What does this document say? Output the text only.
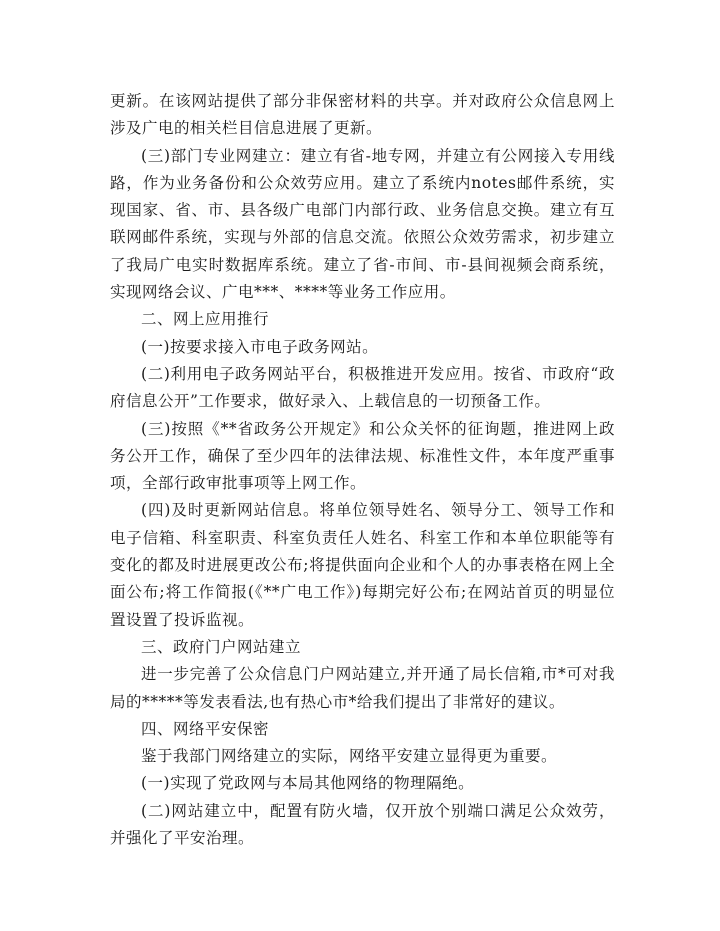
更新。在该网站提供了部分非保密材料的共享。并对政府公众信息网上涉及广电的相关栏目信息进展了更新。

(三)部门专业网建立：建立有省-地专网，并建立有公网接入专用线路，作为业务备份和公众效劳应用。建立了系统内notes邮件系统，实现国家、省、市、县各级广电部门内部行政、业务信息交换。建立有互联网邮件系统，实现与外部的信息交流。依照公众效劳需求，初步建立了我局广电实时数据库系统。建立了省-市间、市-县间视频会商系统，实现网络会议、广电***、****等业务工作应用。

二、网上应用推行

(一)按要求接入市电子政务网站。

(二)利用电子政务网站平台，积极推进开发应用。按省、市政府“政府信息公开”工作要求，做好录入、上载信息的一切预备工作。

(三)按照《**省政务公开规定》和公众关怀的征询题，推进网上政务公开工作，确保了至少四年的法律法规、标准性文件，本年度严重事项，全部行政审批事项等上网工作。

(四)及时更新网站信息。将单位领导姓名、领导分工、领导工作和电子信箱、科室职责、科室负责任人姓名、科室工作和本单位职能等有变化的都及时进展更改公布;将提供面向企业和个人的办事表格在网上全面公布;将工作简报(《**广电工作》)每期完好公布;在网站首页的明显位置设置了投诉监视。

三、政府门户网站建立

进一步完善了公众信息门户网站建立,并开通了局长信箱,市*可对我局的*****等发表看法,也有热心市*给我们提出了非常好的建议。

四、网络平安保密

鉴于我部门网络建立的实际，网络平安建立显得更为重要。

(一)实现了党政网与本局其他网络的物理隔绝。

(二)网站建立中，配置有防火墙，仅开放个别端口满足公众效劳，并强化了平安治理。
